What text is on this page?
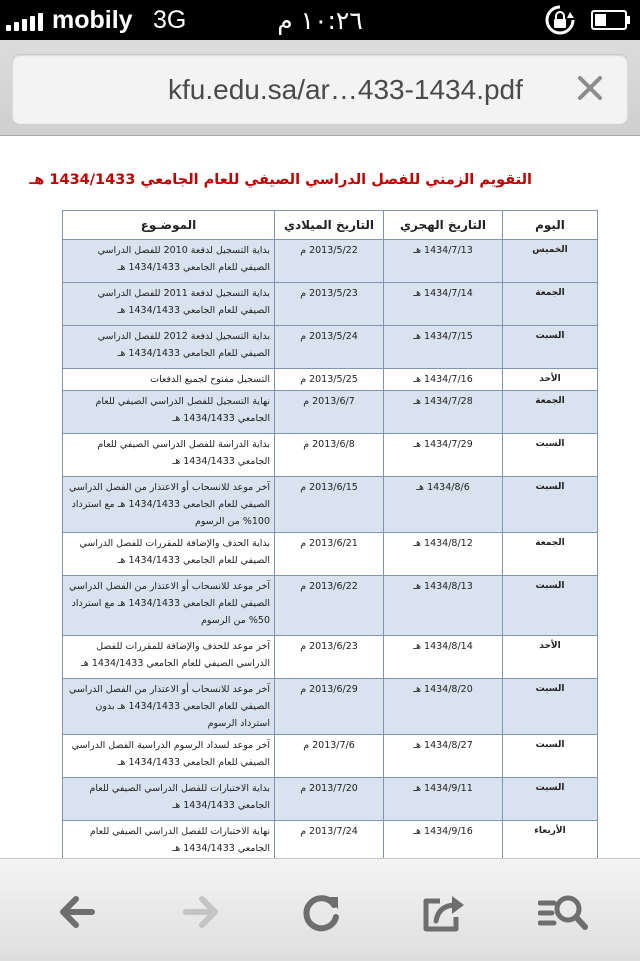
mobily 3G	١٠:٢٦ م
kfu.edu.sa/ar…433-1434.pdf
التقويم الزمني للفصل الدراسي الصيفي للعام الجامعي 1434/1433 هـ
اليوم	التاريخ الهجري	التاريخ الميلادي	الموضـوع
الخميس	1434/7/13 هـ	2013/5/22 م	بداية التسجيل لدفعة 2010 للفصل الدراسي الصيفي للعام الجامعي 1434/1433 هـ
الجمعة	1434/7/14 هـ	2013/5/23 م	بداية التسجيل لدفعة 2011 للفصل الدراسي الصيفي للعام الجامعي 1434/1433 هـ
السبت	1434/7/15 هـ	2013/5/24 م	بداية التسجيل لدفعة 2012 للفصل الدراسي الصيفي للعام الجامعي 1434/1433 هـ
الأحد	1434/7/16 هـ	2013/5/25 م	التسجيل مفتوح لجميع الدفعات
الجمعة	1434/7/28 هـ	2013/6/7 م	نهاية التسجيل للفصل الدراسي الصيفي للعام الجامعي 1434/1433 هـ
السبت	1434/7/29 هـ	2013/6/8 م	بداية الدراسة للفصل الدراسي الصيفي للعام الجامعي 1434/1433 هـ
السبت	1434/8/6 هـ	2013/6/15 م	آخر موعد للانسحاب أو الاعتذار من الفصل الدراسي الصيفي للعام الجامعي 1434/1433 هـ مع استرداد 100% من الرسوم
الجمعة	1434/8/12 هـ	2013/6/21 م	بداية الحذف والإضافة للمقررات للفصل الدراسي الصيفي للعام الجامعي 1434/1433 هـ
السبت	1434/8/13 هـ	2013/6/22 م	آخر موعد للانسحاب أو الاعتذار من الفصل الدراسي الصيفي للعام الجامعي 1434/1433 هـ مع استرداد 50% من الرسوم
الأحد	1434/8/14 هـ	2013/6/23 م	آخر موعد للحذف والإضافة للمقررات للفصل الدراسي الصيفي للعام الجامعي 1434/1433 هـ
السبت	1434/8/20 هـ	2013/6/29 م	آخر موعد للانسحاب أو الاعتذار من الفصل الدراسي الصيفي للعام الجامعي 1434/1433 هـ بدون استرداد الرسوم
السبت	1434/8/27 هـ	2013/7/6 م	آخر موعد لسداد الرسوم الدراسية الفصل الدراسي الصيفي للعام الجامعي 1434/1433 هـ
السبت	1434/9/11 هـ	2013/7/20 م	بداية الاختبارات للفصل الدراسي الصيفي للعام الجامعي 1434/1433 هـ
الأربعاء	1434/9/16 هـ	2013/7/24 م	نهاية الاختبارات للفصل الدراسي الصيفي للعام الجامعي 1434/1433 هـ
